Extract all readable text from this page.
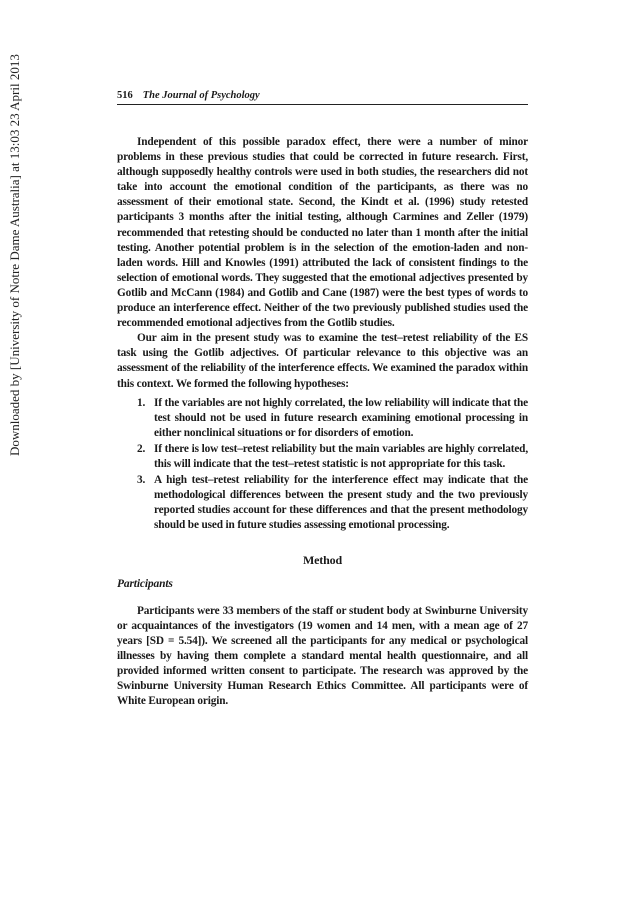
Downloaded by [University of Notre Dame Australia] at 13:03 23 April 2013	516 The Journal of Psychology

Independent of this possible paradox effect, there were a number of minor problems in these previous studies that could be corrected in future research. First, although supposedly healthy controls were used in both studies, the researchers did not take into account the emotional condition of the participants, as there was no assessment of their emotional state. Second, the Kindt et al. (1996) study retested participants 3 months after the initial testing, although Carmines and Zeller (1979) recommended that retesting should be conducted no later than 1 month after the initial testing. Another potential problem is in the selection of the emotion-laden and non-laden words. Hill and Knowles (1991) attributed the lack of consistent findings to the selection of emotional words. They suggested that the emotional adjectives presented by Gotlib and McCann (1984) and Gotlib and Cane (1987) were the best types of words to produce an interference effect. Neither of the two previously published studies used the recommended emotional adjectives from the Gotlib studies.

Our aim in the present study was to examine the test–retest reliability of the ES task using the Gotlib adjectives. Of particular relevance to this objective was an assessment of the reliability of the interference effects. We examined the paradox within this context. We formed the following hypotheses:

1. If the variables are not highly correlated, the low reliability will indicate that the test should not be used in future research examining emotional processing in either nonclinical situations or for disorders of emotion.
2. If there is low test–retest reliability but the main variables are highly correlated, this will indicate that the test–retest statistic is not appropriate for this task.
3. A high test–retest reliability for the interference effect may indicate that the methodological differences between the present study and the two previously reported studies account for these differences and that the present methodology should be used in future studies assessing emotional processing.
Method
Participants

Participants were 33 members of the staff or student body at Swinburne University or acquaintances of the investigators (19 women and 14 men, with a mean age of 27 years [SD = 5.54]). We screened all the participants for any medical or psychological illnesses by having them complete a standard mental health questionnaire, and all provided informed written consent to participate. The research was approved by the Swinburne University Human Research Ethics Committee. All participants were of White European origin.
